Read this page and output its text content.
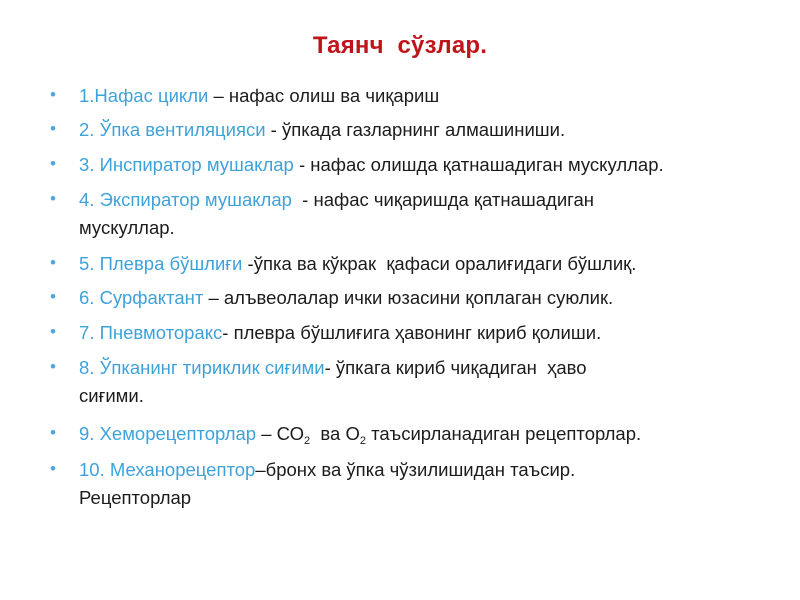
Таянч  сўзлар.
• 1.Нафас цикли – нафас олиш ва чиқариш
• 2. Ўпка вентиляцияси - ўпкада газларнинг алмашиниши.
• 3. Инспиратор мушаклар - нафас олишда қатнашадиган мускуллар.
• 4. Экспиратор мушаклар  - нафас чиқаришда қатнашадиган
мускуллар.
• 5. Плевра бўшлиғи -ўпка ва кўкрак  қафаси оралиғидаги бўшлиқ.
• 6. Сурфактант – алъвеолалар ички юзасини қоплаган суюлик.
• 7. Пневмоторакс- плевра бўшлиғига ҳавонинг кириб қолиши.
• 8. Ўпканинг тириклик сиғими- ўпкага кириб чиқадиган  ҳаво
сиғими.
• 9. Хеморецепторлар – $СО_2$  ва $О_2$ таъсирланадиган рецепторлар.
• 10. Механорецептор–бронх ва ўпка чўзилишидан таъсир.
Рецепторлар
